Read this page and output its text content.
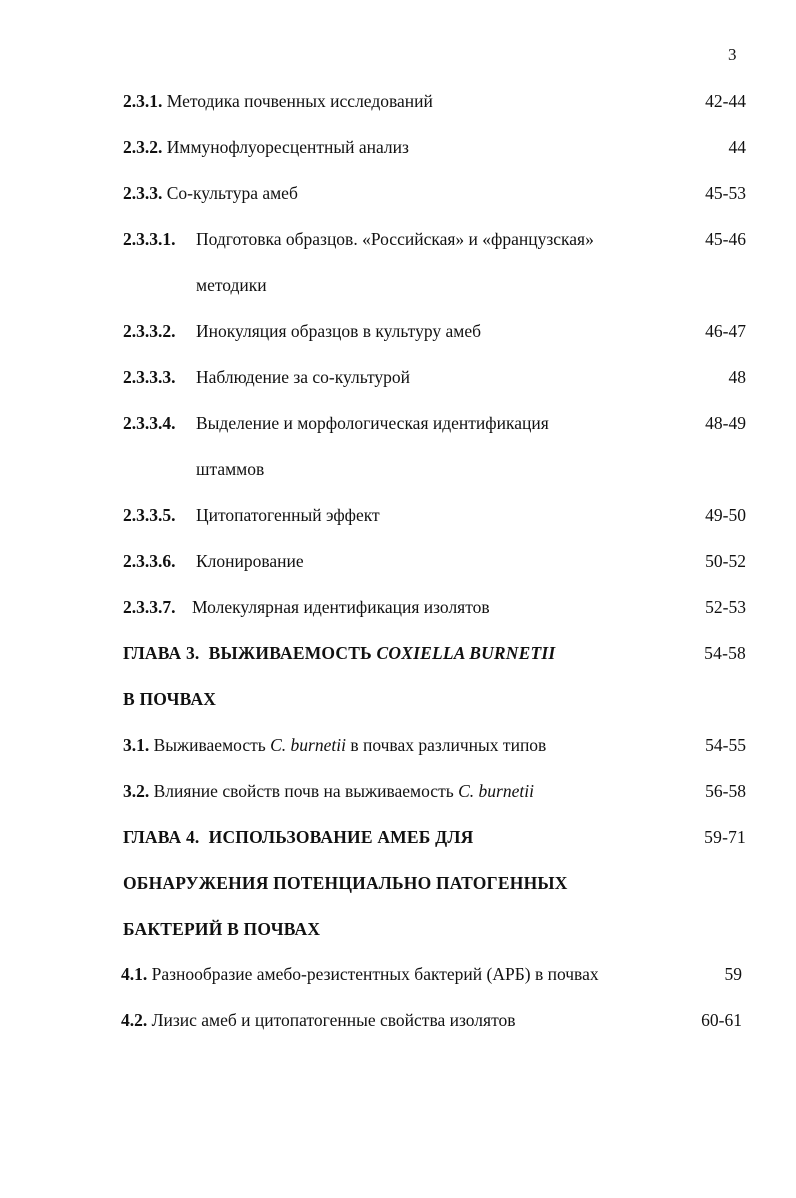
3
2.3.1. Методика почвенных исследований	42-44
2.3.2. Иммунофлуоресцентный анализ	44
2.3.3. Со-культура амеб	45-53
2.3.3.1. Подготовка образцов. «Российская» и «французская»	45-46
методики
2.3.3.2. Инокуляция образцов в культуру амеб	46-47
2.3.3.3. Наблюдение за со-культурой	48
2.3.3.4. Выделение и морфологическая идентификация	48-49
штаммов
2.3.3.5. Цитопатогенный эффект	49-50
2.3.3.6. Клонирование	50-52
2.3.3.7. Молекулярная идентификация изолятов	52-53
ГЛАВА 3. ВЫЖИВАЕМОСТЬ COXIELLA BURNETII	54-58
В ПОЧВАХ
3.1. Выживаемость C. burnetii в почвах различных типов	54-55
3.2. Влияние свойств почв на выживаемость C. burnetii	56-58
ГЛАВА 4. ИСПОЛЬЗОВАНИЕ АМЕБ ДЛЯ	59-71
ОБНАРУЖЕНИЯ ПОТЕНЦИАЛЬНО ПАТОГЕННЫХ
БАКТЕРИЙ В ПОЧВАХ
4.1. Разнообразие амебо-резистентных бактерий (АРБ) в почвах	59
4.2. Лизис амеб и цитопатогенные свойства изолятов	60-61
